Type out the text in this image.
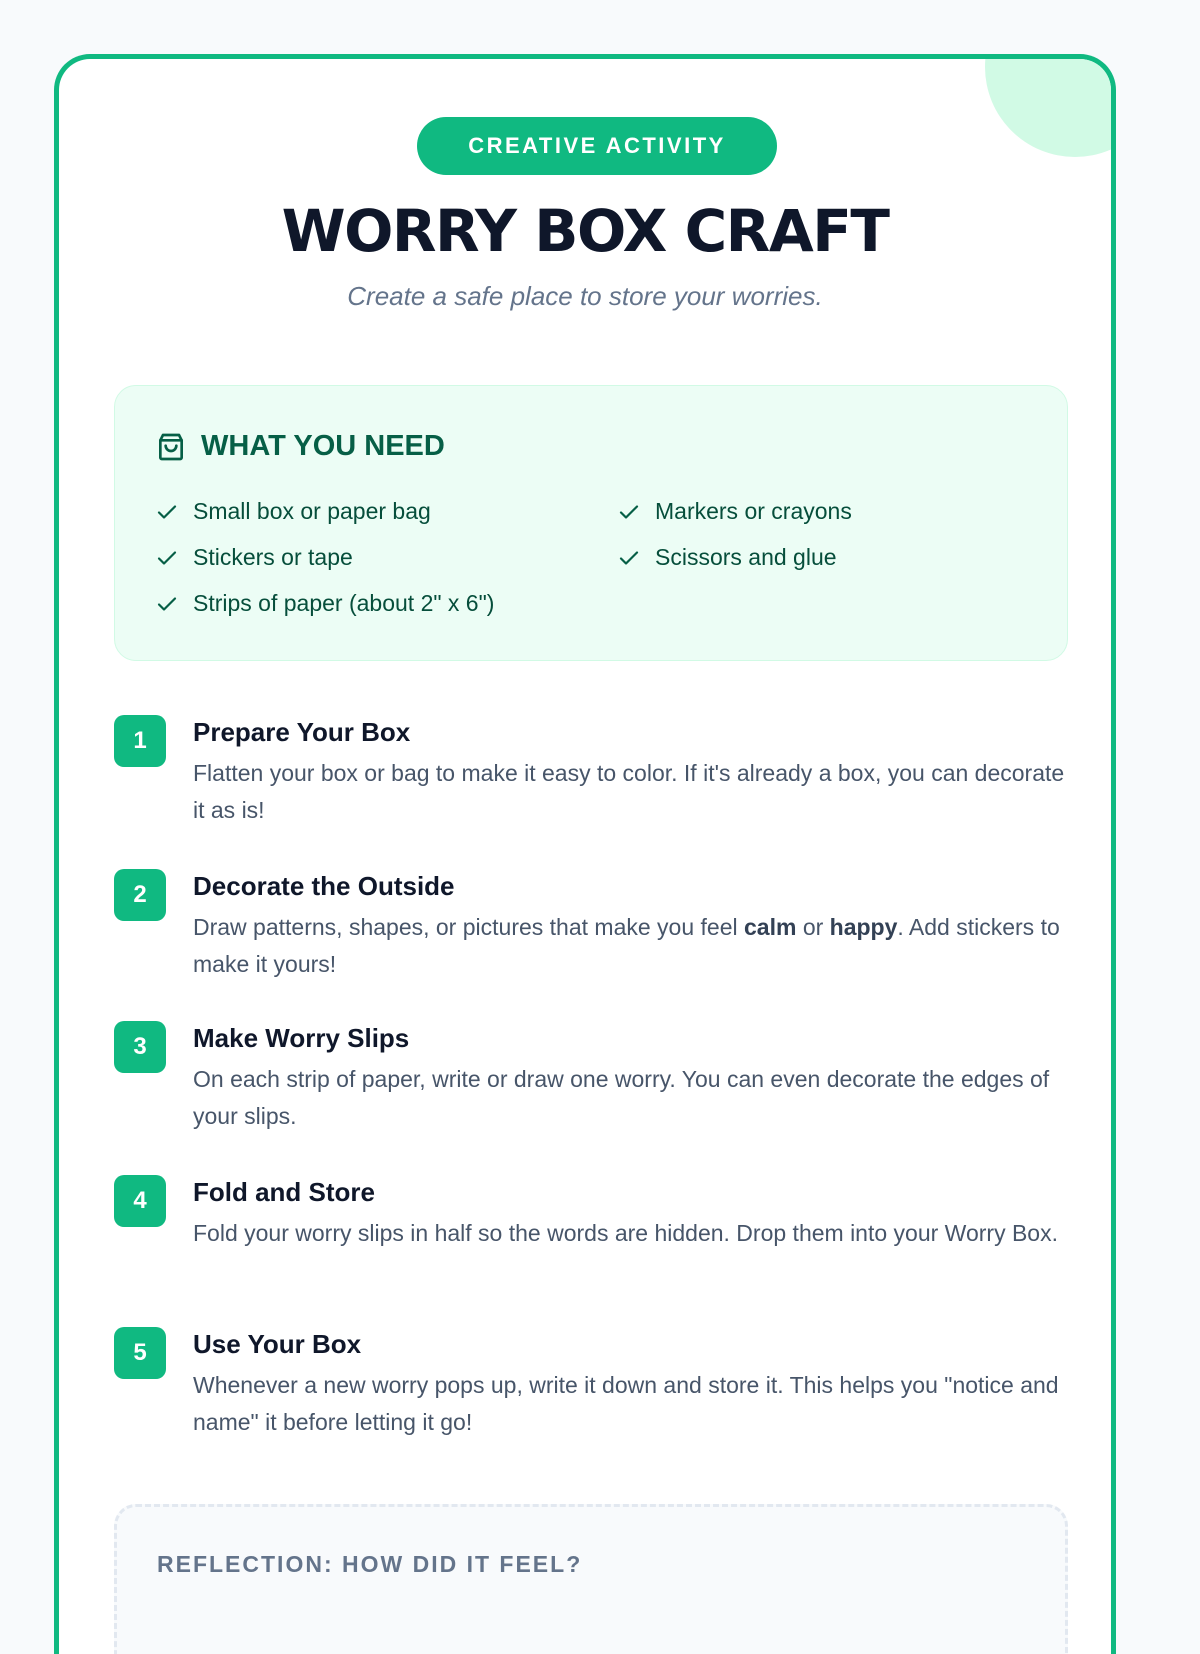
CREATIVE ACTIVITY
WORRY BOX CRAFT
Create a safe place to store your worries.
WHAT YOU NEED
Small box or paper bag	Markers or crayons
Stickers or tape	Scissors and glue
Strips of paper (about 2" x 6")
1	Prepare Your Box
Flatten your box or bag to make it easy to color. If it's already a box, you can decorate it as is!
2	Decorate the Outside
Draw patterns, shapes, or pictures that make you feel calm or happy. Add stickers to make it yours!
3	Make Worry Slips
On each strip of paper, write or draw one worry. You can even decorate the edges of your slips.
4	Fold and Store
Fold your worry slips in half so the words are hidden. Drop them into your Worry Box.
5	Use Your Box
Whenever a new worry pops up, write it down and store it. This helps you "notice and name" it before letting it go!
REFLECTION: HOW DID IT FEEL?
